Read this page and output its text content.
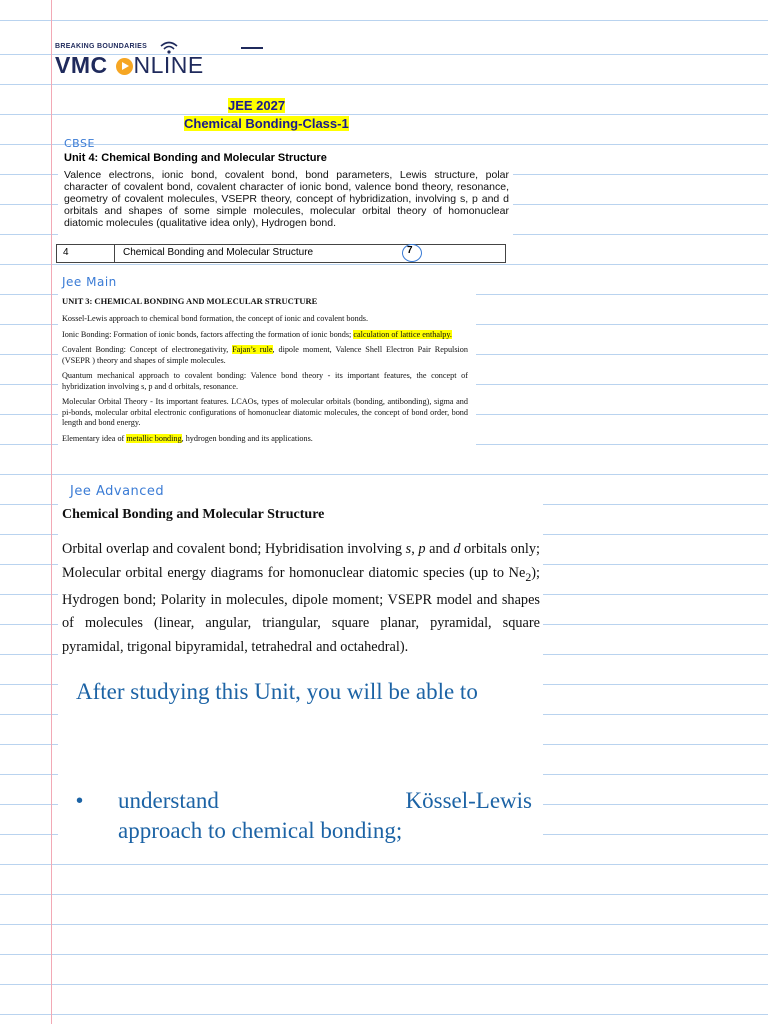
BREAKING BOUNDARIES
VMC NLINE
JEE 2027
Chemical Bonding-Class-1
CBSE
Unit 4: Chemical Bonding and Molecular Structure
Valence electrons, ionic bond, covalent bond, bond parameters, Lewis structure, polar character of covalent bond, covalent character of ionic bond, valence bond theory, resonance, geometry of covalent molecules, VSEPR theory, concept of hybridization, involving s, p and d orbitals and shapes of some simple molecules, molecular orbital theory of homonuclear diatomic molecules (qualitative idea only), Hydrogen bond.
4	Chemical Bonding and Molecular Structure	7
Jee Main
UNIT 3: CHEMICAL BONDING AND MOLECULAR STRUCTURE

Kossel-Lewis approach to chemical bond formation, the concept of ionic and covalent bonds.

Ionic Bonding: Formation of ionic bonds, factors affecting the formation of ionic bonds; calculation of lattice enthalpy.

Covalent Bonding: Concept of electronegativity, Fajan’s rule, dipole moment, Valence Shell Electron Pair Repulsion (VSEPR ) theory and shapes of simple molecules.

Quantum mechanical approach to covalent bonding: Valence bond theory - its important features, the concept of hybridization involving s, p and d orbitals, resonance.

Molecular Orbital Theory - Its important features. LCAOs, types of molecular orbitals (bonding, antibonding), sigma and pi-bonds, molecular orbital electronic configurations of homonuclear diatomic molecules, the concept of bond order, bond length and bond energy.

Elementary idea of metallic bonding, hydrogen bonding and its applications.

Jee Advanced
Chemical Bonding and Molecular Structure
Orbital overlap and covalent bond; Hybridisation involving s, p and d orbitals only; Molecular orbital energy diagrams for homonuclear diatomic species (up to $Ne_2$); Hydrogen bond; Polarity in molecules, dipole moment; VSEPR model and shapes of molecules (linear, angular, triangular, square planar, pyramidal, square pyramidal, trigonal bipyramidal, tetrahedral and octahedral).
After studying this Unit, you will be able to
• understand Kössel-Lewis
approach to chemical bonding;
